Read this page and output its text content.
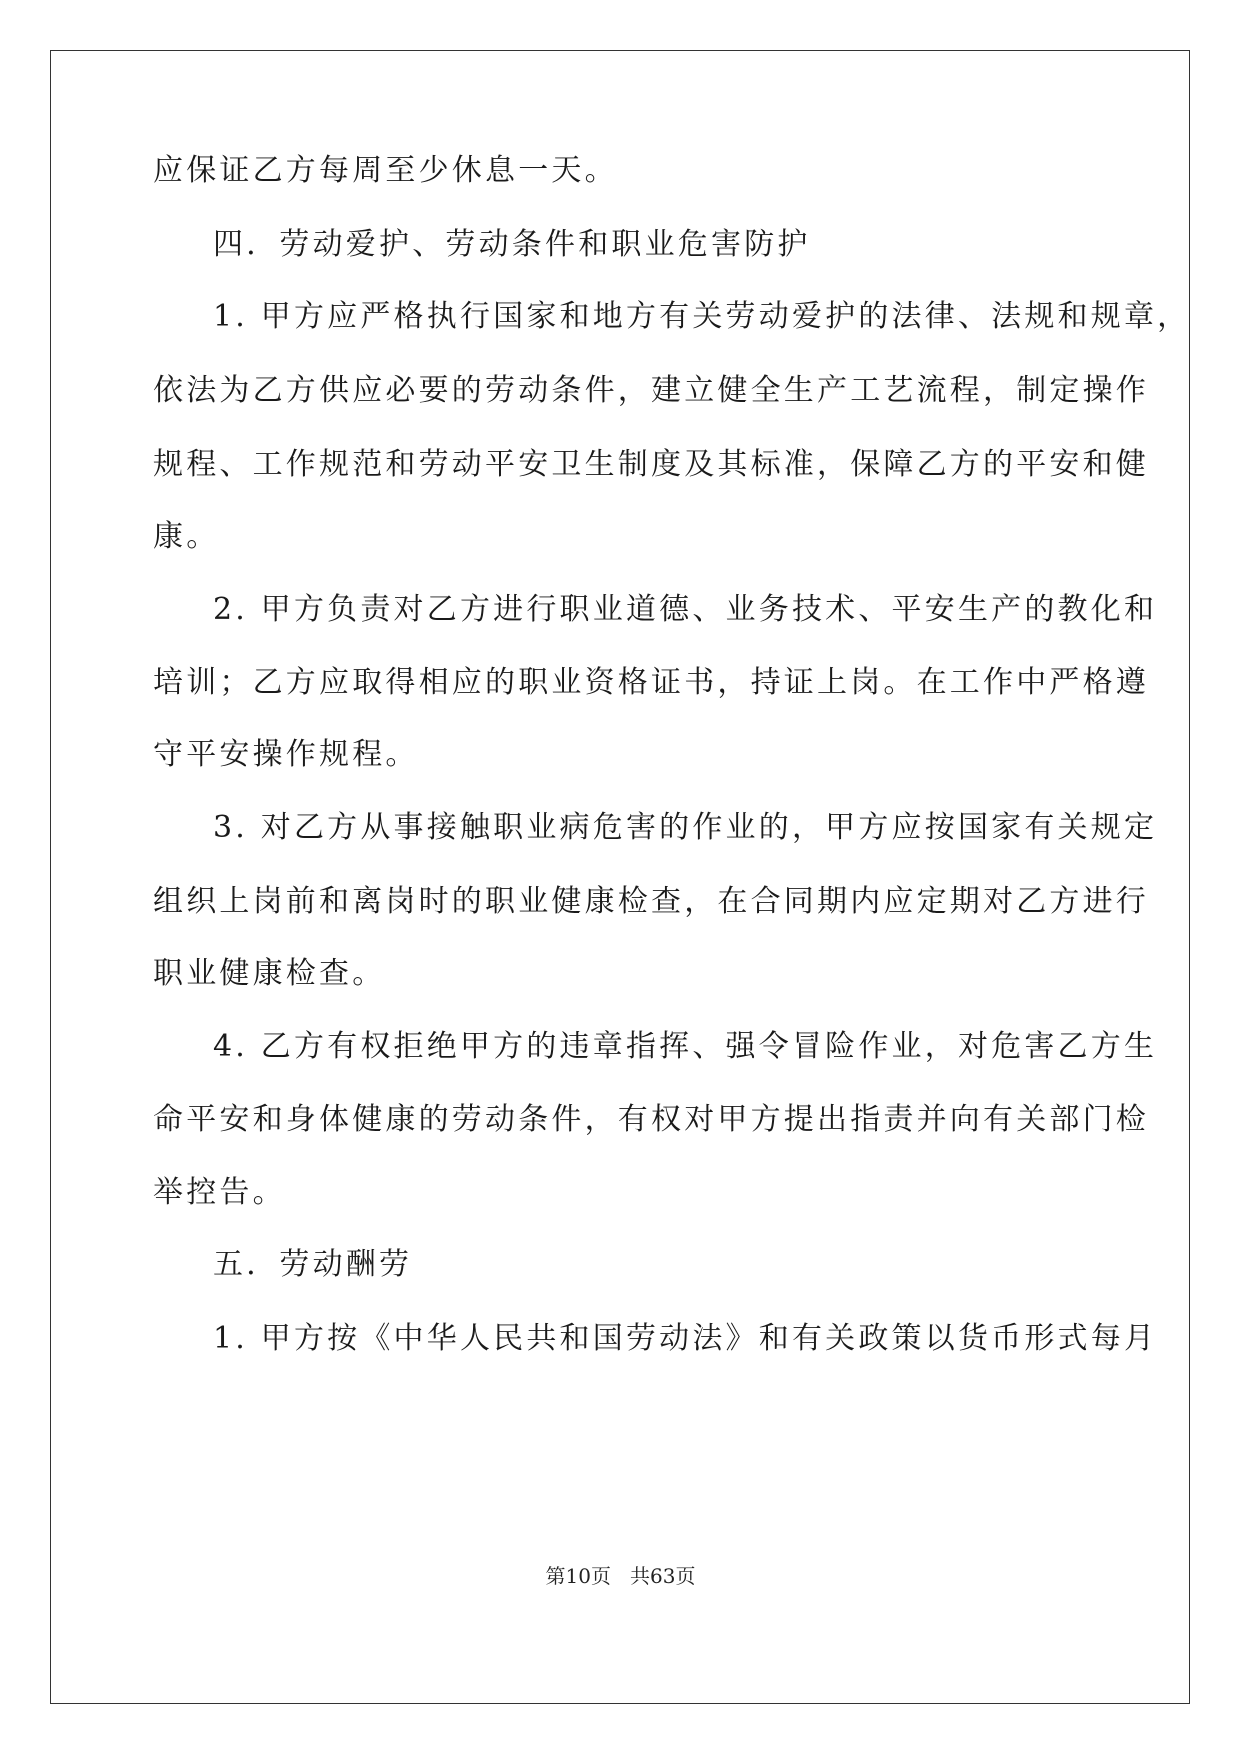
应保证乙方每周至少休息一天。
四．劳动爱护、劳动条件和职业危害防护
1. 甲方应严格执行国家和地方有关劳动爱护的法律、法规和规章，
依法为乙方供应必要的劳动条件，建立健全生产工艺流程，制定操作
规程、工作规范和劳动平安卫生制度及其标准，保障乙方的平安和健
康。
2. 甲方负责对乙方进行职业道德、业务技术、平安生产的教化和
培训；乙方应取得相应的职业资格证书，持证上岗。在工作中严格遵
守平安操作规程。
3. 对乙方从事接触职业病危害的作业的，甲方应按国家有关规定
组织上岗前和离岗时的职业健康检查，在合同期内应定期对乙方进行
职业健康检查。
4. 乙方有权拒绝甲方的违章指挥、强令冒险作业，对危害乙方生
命平安和身体健康的劳动条件，有权对甲方提出指责并向有关部门检
举控告。
五．劳动酬劳
1. 甲方按《中华人民共和国劳动法》和有关政策以货币形式每月
第10页   共63页
